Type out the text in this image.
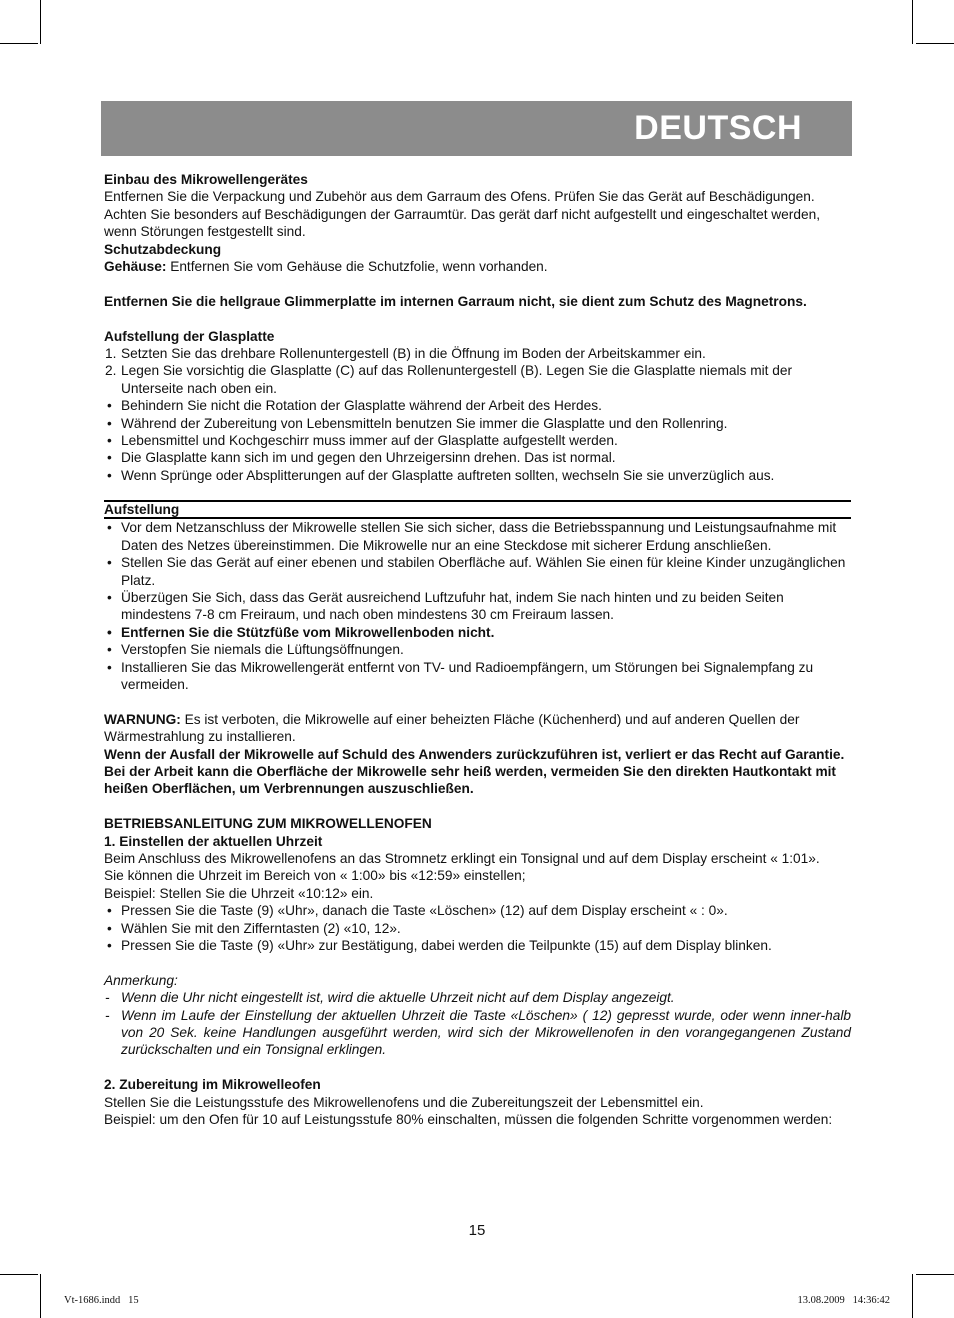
DEUTSCH

Einbau des Mikrowellengerätes

Entfernen Sie die Verpackung und Zubehör aus dem Garraum des Ofens. Prüfen Sie das Gerät auf Beschädigungen. Achten Sie besonders auf Beschädigungen der Garraumtür. Das gerät darf nicht aufgestellt und eingeschaltet werden, wenn Störungen festgestellt sind.

Schutzabdeckung

Gehäuse: Entfernen Sie vom Gehäuse die Schutzfolie, wenn vorhanden.

Entfernen Sie die hellgraue Glimmerplatte im internen Garraum nicht, sie dient zum Schutz des Magnetrons.

Aufstellung der Glasplatte

1. Setzten Sie das drehbare Rollenuntergestell (B) in die Öffnung im Boden der Arbeitskammer ein.
2. Legen Sie vorsichtig die Glasplatte (C) auf das Rollenuntergestell (B). Legen Sie die Glasplatte niemals mit der Unterseite nach oben ein.
• Behindern Sie nicht die Rotation der Glasplatte während der Arbeit des Herdes.
• Während der Zubereitung von Lebensmitteln benutzen Sie immer die Glasplatte und den Rollenring.
• Lebensmittel und Kochgeschirr muss immer auf der Glasplatte aufgestellt werden.
• Die Glasplatte kann sich im und gegen den Uhrzeigersinn drehen. Das ist normal.
• Wenn Sprünge oder Absplitterungen auf der Glasplatte auftreten sollten, wechseln Sie sie unverzüglich aus.

Aufstellung

• Vor dem Netzanschluss der Mikrowelle stellen Sie sich sicher, dass die Betriebsspannung und Leistungsaufnahme mit Daten des Netzes übereinstimmen. Die Mikrowelle nur an eine Steckdose mit sicherer Erdung anschließen.
• Stellen Sie das Gerät auf einer ebenen und stabilen Oberfläche auf. Wählen Sie einen für kleine Kinder unzugänglichen Platz.
• Überzügen Sie Sich, dass das Gerät ausreichend Luftzufuhr hat, indem Sie nach hinten und zu beiden Seiten mindestens 7-8 cm Freiraum, und nach oben mindestens 30 cm Freiraum lassen.
• Entfernen Sie die Stützfüße vom Mikrowellenboden nicht.
• Verstopfen Sie niemals die Lüftungsöffnungen.
• Installieren Sie das Mikrowellengerät entfernt von TV- und Radioempfängern, um Störungen bei Signalempfang zu vermeiden.

WARNUNG: Es ist verboten, die Mikrowelle auf einer beheizten Fläche (Küchenherd) und auf anderen Quellen der Wärmestrahlung zu installieren.

Wenn der Ausfall der Mikrowelle auf Schuld des Anwenders zurückzuführen ist, verliert er das Recht auf Garantie.

Bei der Arbeit kann die Oberfläche der Mikrowelle sehr heiß werden, vermeiden Sie den direkten Hautkontakt mit heißen Oberflächen, um Verbrennungen auszuschließen.

BETRIEBSANLEITUNG ZUM MIKROWELLENOFEN

1. Einstellen der aktuellen Uhrzeit

Beim Anschluss des Mikrowellenofens an das Stromnetz erklingt ein Tonsignal und auf dem Display erscheint « 1:01».

Sie können die Uhrzeit im Bereich von « 1:00» bis «12:59» einstellen;

Beispiel: Stellen Sie die Uhrzeit «10:12» ein.

• Pressen Sie die Taste (9) «Uhr», danach die Taste «Löschen» (12) auf dem Display erscheint « : 0».
• Wählen Sie mit den Zifferntasten (2) «10, 12».
• Pressen Sie die Taste (9) «Uhr» zur Bestätigung, dabei werden die Teilpunkte (15) auf dem Display blinken.

Anmerkung:

- Wenn die Uhr nicht eingestellt ist, wird die aktuelle Uhrzeit nicht auf dem Display angezeigt.
- Wenn im Laufe der Einstellung der aktuellen Uhrzeit die Taste «Löschen» ( 12) gepresst wurde, oder wenn inner-halb von 20 Sek. keine Handlungen ausgeführt werden, wird sich der Mikrowellenofen in den vorangegangenen Zustand zurückschalten und ein Tonsignal erklingen.

2. Zubereitung im Mikrowelleofen

Stellen Sie die Leistungsstufe des Mikrowellenofens und die Zubereitungszeit der Lebensmittel ein.

Beispiel: um den Ofen für 10 auf Leistungsstufe 80% einschalten, müssen die folgenden Schritte vorgenommen werden:

15
Vt-1686.indd   15	13.08.2009   14:36:42
